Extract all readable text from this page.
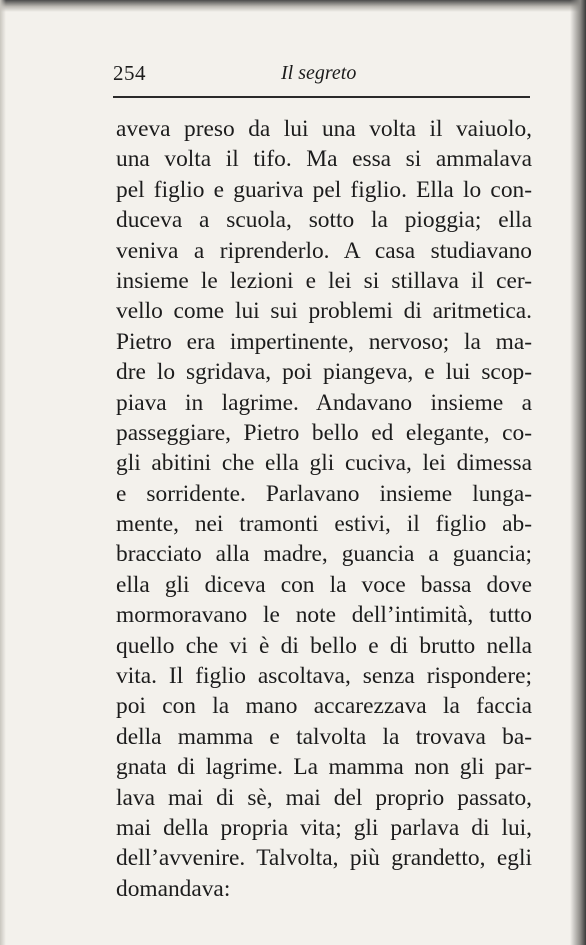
254	Il segreto
aveva preso da lui una volta il vaiuolo,
una volta il tifo. Ma essa si ammalava
pel figlio e guariva pel figlio. Ella lo con-
duceva a scuola, sotto la pioggia; ella
veniva a riprenderlo. A casa studiavano
insieme le lezioni e lei si stillava il cer-
vello come lui sui problemi di aritmetica.
Pietro era impertinente, nervoso; la ma-
dre lo sgridava, poi piangeva, e lui scop-
piava in lagrime. Andavano insieme a
passeggiare, Pietro bello ed elegante, co-
gli abitini che ella gli cuciva, lei dimessa
e sorridente. Parlavano insieme lunga-
mente, nei tramonti estivi, il figlio ab-
bracciato alla madre, guancia a guancia;
ella gli diceva con la voce bassa dove
mormoravano le note dell’intimità, tutto
quello che vi è di bello e di brutto nella
vita. Il figlio ascoltava, senza rispondere;
poi con la mano accarezzava la faccia
della mamma e talvolta la trovava ba-
gnata di lagrime. La mamma non gli par-
lava mai di sè, mai del proprio passato,
mai della propria vita; gli parlava di lui,
dell’avvenire. Talvolta, più grandetto, egli
domandava:
